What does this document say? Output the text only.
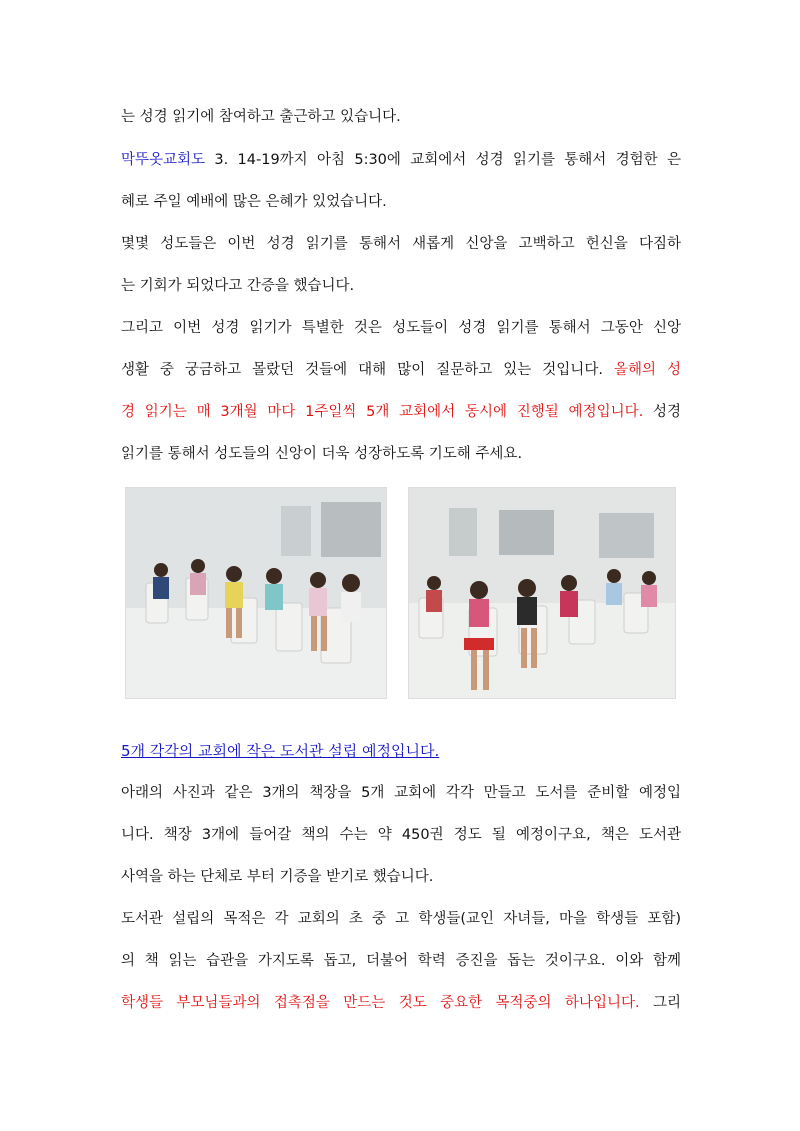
는 성경 읽기에 참여하고 출근하고 있습니다.
막뚜옷교회도 3. 14-19까지 아침 5:30에 교회에서 성경 읽기를 통해서 경험한 은
혜로 주일 예배에 많은 은혜가 있었습니다.
몇몇 성도들은 이번 성경 읽기를 통해서 새롭게 신앙을 고백하고 헌신을 다짐하
는 기회가 되었다고 간증을 했습니다.
그리고 이번 성경 읽기가 특별한 것은 성도들이 성경 읽기를 통해서 그동안 신앙
생활 중 궁금하고 몰랐던 것들에 대해 많이 질문하고 있는 것입니다. 올해의 성
경 읽기는 매 3개월 마다 1주일씩 5개 교회에서 동시에 진행될 예정입니다. 성경
읽기를 통해서 성도들의 신앙이 더욱 성장하도록 기도해 주세요.
5개 각각의 교회에 작은 도서관 설립 예정입니다.
아래의 사진과 같은 3개의 책장을 5개 교회에 각각 만들고 도서를 준비할 예정입
니다. 책장 3개에 들어갈 책의 수는 약 450권 정도 될 예정이구요, 책은 도서관
사역을 하는 단체로 부터 기증을 받기로 했습니다.
도서관 설립의 목적은 각 교회의 초 중 고 학생들(교인 자녀들, 마을 학생들 포함)
의 책 읽는 습관을 가지도록 돕고, 더불어 학력 증진을 돕는 것이구요. 이와 함께
학생들 부모님들과의 접촉점을 만드는 것도 중요한 목적중의 하나입니다. 그리
